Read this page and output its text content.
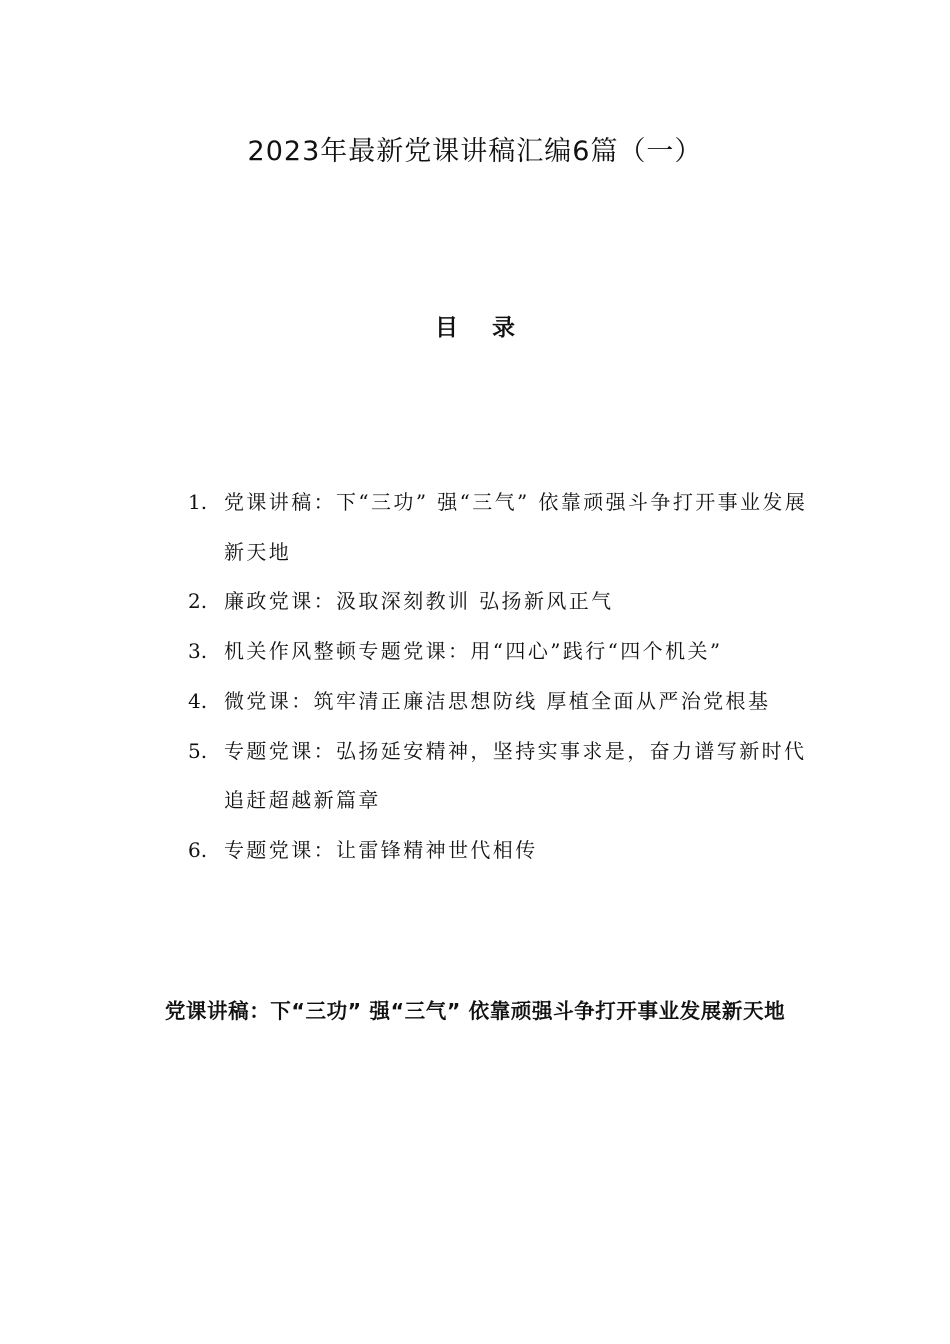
2023年最新党课讲稿汇编6篇（一）
目 录
1. 党课讲稿：下“三功” 强“三气” 依靠顽强斗争打开事业发展新天地
2. 廉政党课：汲取深刻教训 弘扬新风正气
3. 机关作风整顿专题党课：用“四心”践行“四个机关”
4. 微党课：筑牢清正廉洁思想防线 厚植全面从严治党根基
5. 专题党课：弘扬延安精神，坚持实事求是，奋力谱写新时代追赶超越新篇章
6. 专题党课：让雷锋精神世代相传
党课讲稿：下“三功” 强“三气” 依靠顽强斗争打开事业发展新天地
